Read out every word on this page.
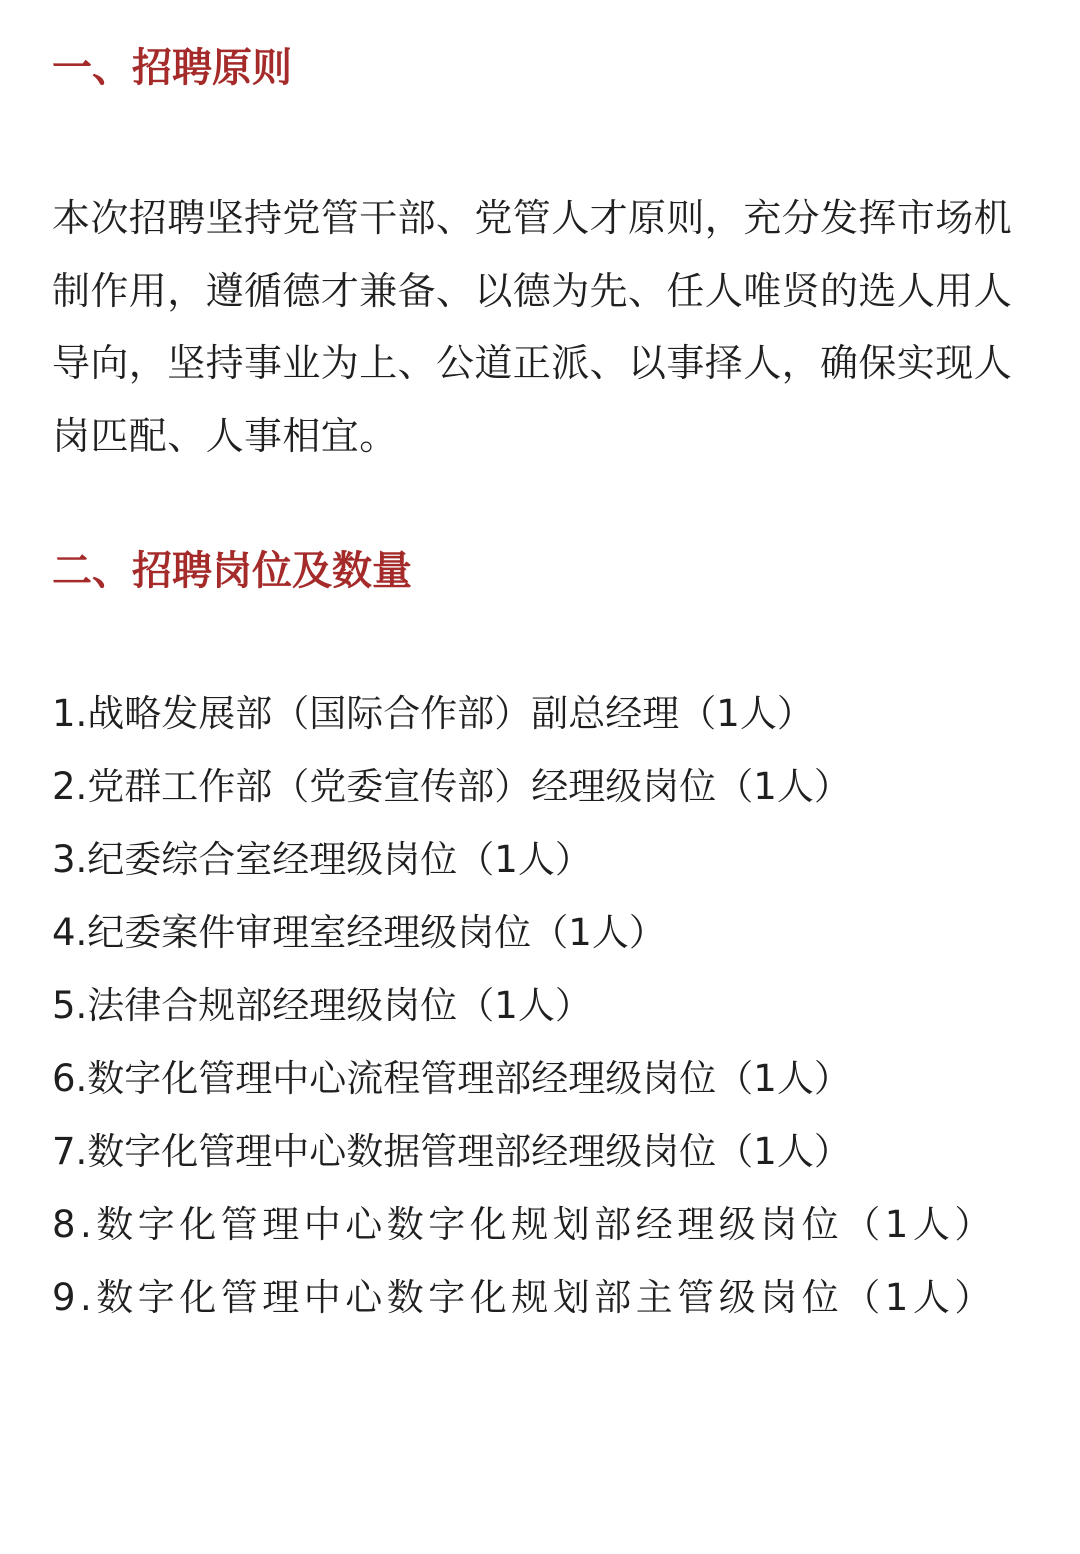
一、招聘原则

本次招聘坚持党管干部、党管人才原则，充分发挥市场机制作用，遵循德才兼备、以德为先、任人唯贤的选人用人导向，坚持事业为上、公道正派、以事择人，确保实现人岗匹配、人事相宜。

二、招聘岗位及数量
1.战略发展部（国际合作部）副总经理（1人）
2.党群工作部（党委宣传部）经理级岗位（1人）
3.纪委综合室经理级岗位（1人）
4.纪委案件审理室经理级岗位（1人）
5.法律合规部经理级岗位（1人）
6.数字化管理中心流程管理部经理级岗位（1人）
7.数字化管理中心数据管理部经理级岗位（1人）
8.数字化管理中心数字化规划部经理级岗位（1人）
9.数字化管理中心数字化规划部主管级岗位（1人）
